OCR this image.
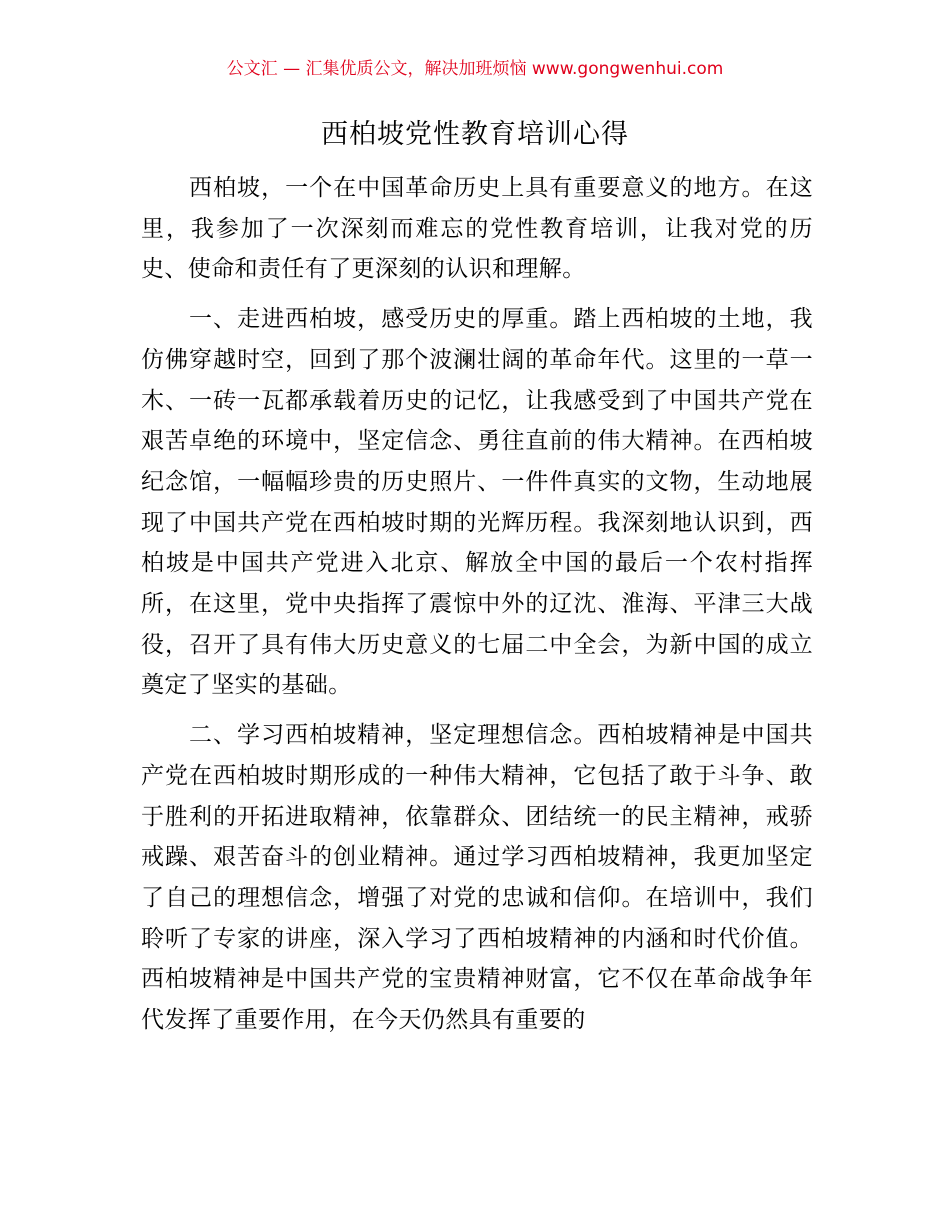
公文汇 — 汇集优质公文，解决加班烦恼 www.gongwenhui.com
西柏坡党性教育培训心得

西柏坡，一个在中国革命历史上具有重要意义的地方。在这里，我参加了一次深刻而难忘的党性教育培训，让我对党的历史、使命和责任有了更深刻的认识和理解。

一、走进西柏坡，感受历史的厚重。踏上西柏坡的土地，我仿佛穿越时空，回到了那个波澜壮阔的革命年代。这里的一草一木、一砖一瓦都承载着历史的记忆，让我感受到了中国共产党在艰苦卓绝的环境中，坚定信念、勇往直前的伟大精神。在西柏坡纪念馆，一幅幅珍贵的历史照片、一件件真实的文物，生动地展现了中国共产党在西柏坡时期的光辉历程。我深刻地认识到，西柏坡是中国共产党进入北京、解放全中国的最后一个农村指挥所，在这里，党中央指挥了震惊中外的辽沈、淮海、平津三大战役，召开了具有伟大历史意义的七届二中全会，为新中国的成立奠定了坚实的基础。

二、学习西柏坡精神，坚定理想信念。西柏坡精神是中国共产党在西柏坡时期形成的一种伟大精神，它包括了敢于斗争、敢于胜利的开拓进取精神，依靠群众、团结统一的民主精神，戒骄戒躁、艰苦奋斗的创业精神。通过学习西柏坡精神，我更加坚定了自己的理想信念，增强了对党的忠诚和信仰。在培训中，我们聆听了专家的讲座，深入学习了西柏坡精神的内涵和时代价值。西柏坡精神是中国共产党的宝贵精神财富，它不仅在革命战争年代发挥了重要作用，在今天仍然具有重要的
